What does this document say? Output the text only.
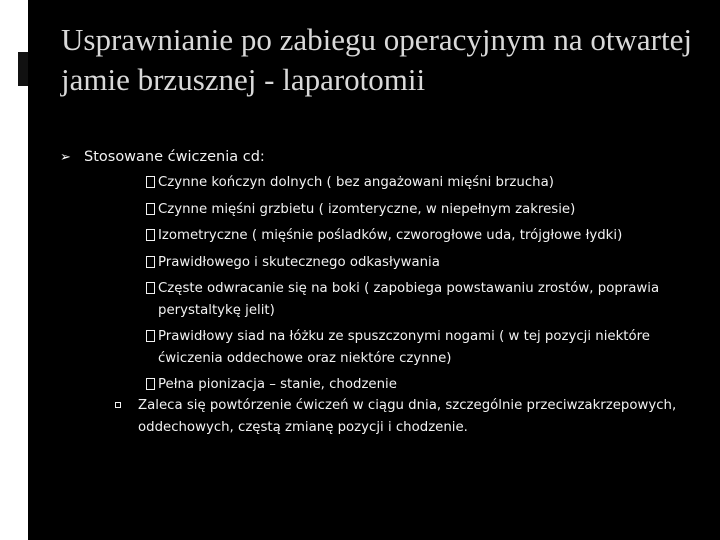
Usprawnianie po zabiegu operacyjnym na otwartej jamie brzusznej - laparotomii
➢ Stosowane ćwiczenia cd:
Czynne kończyn dolnych ( bez angażowani mięśni brzucha)
Czynne mięśni grzbietu ( izomteryczne, w niepełnym zakresie)
Izometryczne ( mięśnie pośladków, czworogłowe uda, trójgłowe łydki)
Prawidłowego i skutecznego odkasływania
Częste odwracanie się na boki ( zapobiega powstawaniu zrostów, poprawia perystaltykę jelit)
Prawidłowy siad na łóżku ze spuszczonymi nogami ( w tej pozycji niektóre ćwiczenia oddechowe oraz niektóre czynne)
Pełna pionizacja – stanie, chodzenie
Zaleca się powtórzenie ćwiczeń w ciągu dnia, szczególnie przeciwzakrzepowych, oddechowych, częstą zmianę pozycji i chodzenie.
